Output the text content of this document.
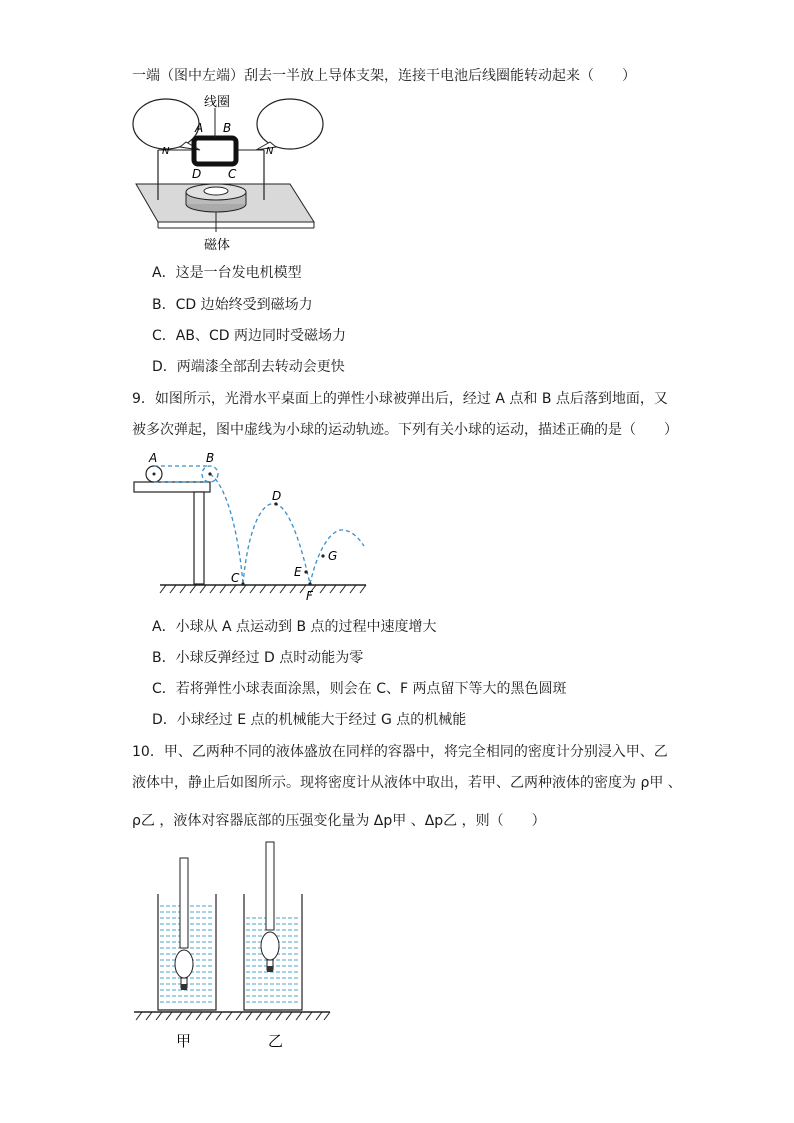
一端（图中左端）刮去一半放上导体支架，连接干电池后线圈能转动起来（　　）
线圈
A B
C
D
N	N
磁体
A．这是一台发电机模型
B．CD 边始终受到磁场力
C．AB、CD 两边同时受磁场力
D．两端漆全部刮去转动会更快
9．如图所示，光滑水平桌面上的弹性小球被弹出后，经过 A 点和 B 点后落到地面，又
被多次弹起，图中虚线为小球的运动轨迹。下列有关小球的运动，描述正确的是（　　）
A	B
C
D
E
F
G
A．小球从 A 点运动到 B 点的过程中速度增大
B．小球反弹经过 D 点时动能为零
C．若将弹性小球表面涂黑，则会在 C、F 两点留下等大的黑色圆斑
D．小球经过 E 点的机械能大于经过 G 点的机械能
10．甲、乙两种不同的液体盛放在同样的容器中，将完全相同的密度计分别浸入甲、乙
液体中，静止后如图所示。现将密度计从液体中取出，若甲、乙两种液体的密度为 ρ甲 、
ρ乙 ，液体对容器底部的压强变化量为 Δp甲 、Δp乙 ，则（　　）
甲	乙
